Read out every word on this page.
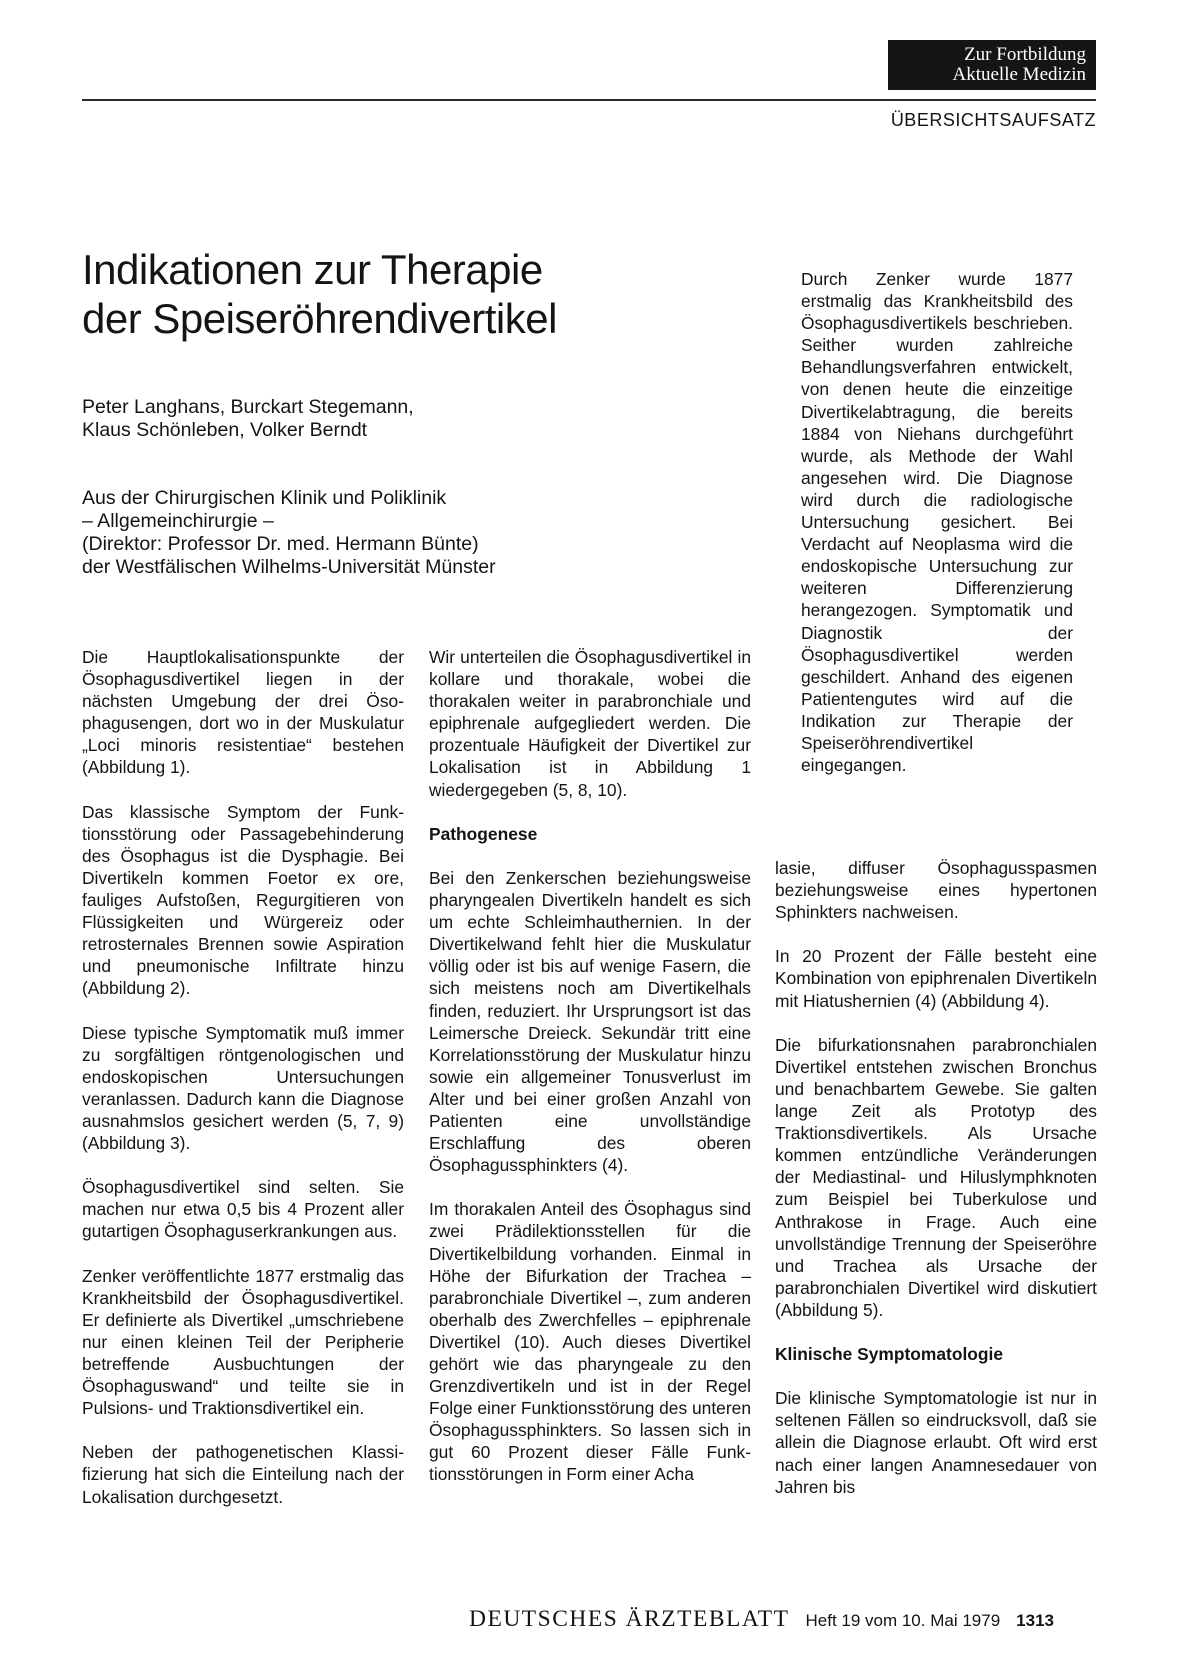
Zur Fortbildung
Aktuelle Medizin
ÜBERSICHTSAUFSATZ
Indikationen zur Therapie
der Speiseröhrendivertikel
Peter Langhans, Burckart Stegemann,
Klaus Schönleben, Volker Berndt
Aus der Chirurgischen Klinik und Poliklinik
– Allgemeinchirurgie –
(Direktor: Professor Dr. med. Hermann Bünte)
der Westfälischen Wilhelms-Universität Münster

Durch Zenker wurde 1877 erstmalig das Krankheitsbild des Ösophagusdivertikels beschrieben. Seither wurden zahlreiche Behandlungsverfahren entwickelt, von denen heute die einzeitige Divertikelabtragung, die bereits 1884 von Niehans durchgeführt wurde, als Methode der Wahl angesehen wird. Die Diagnose wird durch die radiologische Untersuchung gesichert. Bei Verdacht auf Neoplasma wird die endoskopische Untersuchung zur weiteren Differenzierung herangezogen. Symptomatik und Diagnostik der Ösophagusdivertikel werden geschildert. Anhand des eigenen Patientengutes wird auf die Indikation zur Therapie der Speiseröhrendivertikel eingegangen.

Die Hauptlokalisationspunkte der Ösophagusdivertikel liegen in der nächsten Umgebung der drei Ösophagusengen, dort wo in der Muskulatur „Loci minoris resistentiae“ bestehen (Abbildung 1).

Das klassische Symptom der Funktionsstörung oder Passagebehinderung des Ösophagus ist die Dysphagie. Bei Divertikeln kommen Foetor ex ore, fauliges Aufstoßen, Regurgitieren von Flüssigkeiten und Würgereiz oder retrosternales Brennen sowie Aspiration und pneumonische Infiltrate hinzu (Abbildung 2).

Diese typische Symptomatik muß immer zu sorgfältigen röntgenologischen und endoskopischen Untersuchungen veranlassen. Dadurch kann die Diagnose ausnahmslos gesichert werden (5, 7, 9) (Abbildung 3).

Ösophagusdivertikel sind selten. Sie machen nur etwa 0,5 bis 4 Prozent aller gutartigen Ösophaguserkrankungen aus.

Zenker veröffentlichte 1877 erstmalig das Krankheitsbild der Ösophagusdivertikel. Er definierte als Divertikel „umschriebene nur einen kleinen Teil der Peripherie betreffende Ausbuchtungen der Ösophaguswand“ und teilte sie in Pulsions- und Traktionsdivertikel ein.

Neben der pathogenetischen Klassifizierung hat sich die Einteilung nach der Lokalisation durchgesetzt.

Wir unterteilen die Ösophagusdivertikel in kollare und thorakale, wobei die thorakalen weiter in parabronchiale und epiphrenale aufgegliedert werden. Die prozentuale Häufigkeit der Divertikel zur Lokalisation ist in Abbildung 1 wiedergegeben (5, 8, 10).

Pathogenese

Bei den Zenkerschen beziehungsweise pharyngealen Divertikeln handelt es sich um echte Schleimhauthernien. In der Divertikelwand fehlt hier die Muskulatur völlig oder ist bis auf wenige Fasern, die sich meistens noch am Divertikelhals finden, reduziert. Ihr Ursprungsort ist das Leimersche Dreieck. Sekundär tritt eine Korrelationsstörung der Muskulatur hinzu sowie ein allgemeiner Tonusverlust im Alter und bei einer großen Anzahl von Patienten eine unvollständige Erschlaffung des oberen Ösophagussphinkters (4).

Im thorakalen Anteil des Ösophagus sind zwei Prädilektionsstellen für die Divertikelbildung vorhanden. Einmal in Höhe der Bifurkation der Trachea – parabronchiale Divertikel –, zum anderen oberhalb des Zwerchfelles – epiphrenale Divertikel (10). Auch dieses Divertikel gehört wie das pharyngeale zu den Grenzdivertikeln und ist in der Regel Folge einer Funktionsstörung des unteren Ösophagussphinkters. So lassen sich in gut 60 Prozent dieser Fälle Funktionsstörungen in Form einer Acha

lasie, diffuser Ösophagusspasmen beziehungsweise eines hypertonen Sphinkters nachweisen.

In 20 Prozent der Fälle besteht eine Kombination von epiphrenalen Divertikeln mit Hiatushernien (4) (Abbildung 4).

Die bifurkationsnahen parabronchialen Divertikel entstehen zwischen Bronchus und benachbartem Gewebe. Sie galten lange Zeit als Prototyp des Traktionsdivertikels. Als Ursache kommen entzündliche Veränderungen der Mediastinal- und Hiluslymphknoten zum Beispiel bei Tuberkulose und Anthrakose in Frage. Auch eine unvollständige Trennung der Speiseröhre und Trachea als Ursache der parabronchialen Divertikel wird diskutiert (Abbildung 5).

Klinische Symptomatologie

Die klinische Symptomatologie ist nur in seltenen Fällen so eindrucksvoll, daß sie allein die Diagnose erlaubt. Oft wird erst nach einer langen Anamnesedauer von Jahren bis

DEUTSCHES ÄRZTEBLATT Heft 19 vom 10. Mai 1979 1313
